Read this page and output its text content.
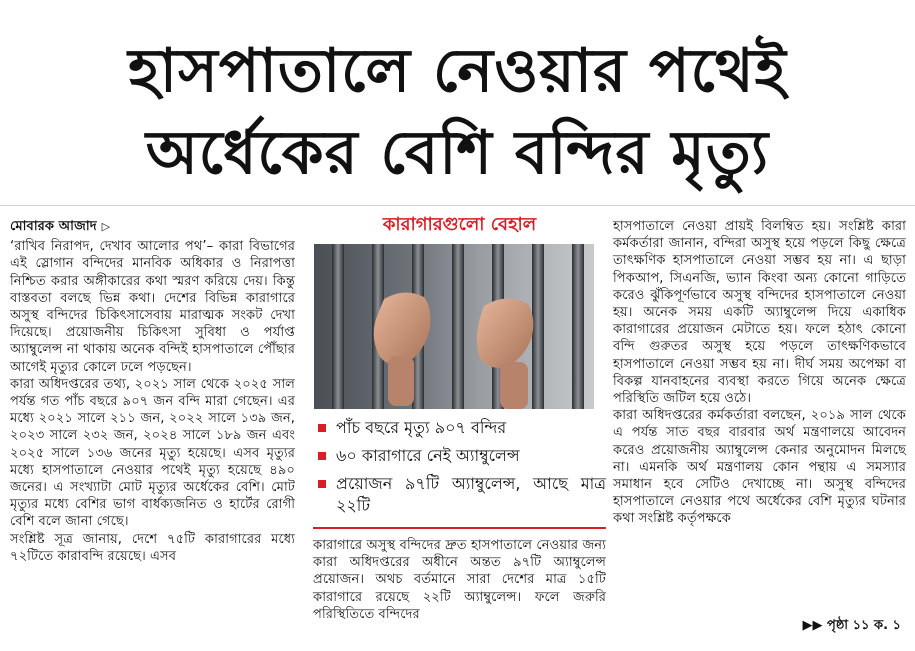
হাসপাতালে নেওয়ার পথেই
অর্ধেকের বেশি বন্দির মৃত্যু
মোবারক আজাদ ▷

‘রাখিব নিরাপদ, দেখাব আলোর পথ’– কারা বিভাগের এই স্লোগান বন্দিদের মানবিক অধিকার ও নিরাপত্তা নিশ্চিত করার অঙ্গীকারের কথা স্মরণ করিয়ে দেয়। কিন্তু বাস্তবতা বলছে ভিন্ন কথা। দেশের বিভিন্ন কারাগারে অসুস্থ বন্দিদের চিকিৎসাসেবায় মারাত্মক সংকট দেখা দিয়েছে। প্রয়োজনীয় চিকিৎসা সুবিধা ও পর্যাপ্ত অ্যাম্বুলেন্স না থাকায় অনেক বন্দিই হাসপাতালে পৌঁছার আগেই মৃত্যুর কোলে ঢলে পড়ছেন।

কারা অধিদপ্তরের তথ্য, ২০২১ সাল থেকে ২০২৫ সাল পর্যন্ত গত পাঁচ বছরে ৯০৭ জন বন্দি মারা গেছেন। এর মধ্যে ২০২১ সালে ২১১ জন, ২০২২ সালে ১৩৯ জন, ২০২৩ সালে ২৩২ জন, ২০২৪ সালে ১৮৯ জন এবং ২০২৫ সালে ১৩৬ জনের মৃত্যু হয়েছে। এসব মৃত্যুর মধ্যে হাসপাতালে নেওয়ার পথেই মৃত্যু হয়েছে ৪৯০ জনের। এ সংখ্যাটা মোট মৃত্যুর অর্ধেকের বেশি। মোট মৃত্যুর মধ্যে বেশির ভাগ বার্ধক্যজনিত ও হার্টের রোগী বেশি বলে জানা গেছে।

সংশ্লিষ্ট সূত্র জানায়, দেশে ৭৫টি কারাগারের মধ্যে ৭২টিতে কারাবন্দি রয়েছে। এসব

কারাগারগুলো বেহাল
পাঁচ বছরে মৃত্যু ৯০৭ বন্দির
৬০ কারাগারে নেই অ্যাম্বুলেন্স
প্রয়োজন ৯৭টি অ্যাম্বুলেন্স, আছে মাত্র ২২টি

কারাগারে অসুস্থ বন্দিদের দ্রুত হাসপাতালে নেওয়ার জন্য কারা অধিদপ্তরের অধীনে অন্তত ৯৭টি অ্যাম্বুলেন্স প্রয়োজন। অথচ বর্তমানে সারা দেশের মাত্র ১৫টি কারাগারে রয়েছে ২২টি অ্যাম্বুলেন্স। ফলে জরুরি পরিস্থিতিতে বন্দিদের

হাসপাতালে নেওয়া প্রায়ই বিলম্বিত হয়। সংশ্লিষ্ট কারা কর্মকর্তারা জানান, বন্দিরা অসুস্থ হয়ে পড়লে কিছু ক্ষেত্রে তাৎক্ষণিক হাসপাতালে নেওয়া সম্ভব হয় না। এ ছাড়া পিকআপ, সিএনজি, ভ্যান কিংবা অন্য কোনো গাড়িতে করেও ঝুঁকিপূর্ণভাবে অসুস্থ বন্দিদের হাসপাতালে নেওয়া হয়। অনেক সময় একটি অ্যাম্বুলেন্স দিয়ে একাধিক কারাগারের প্রয়োজন মেটাতে হয়। ফলে হঠাৎ কোনো বন্দি গুরুতর অসুস্থ হয়ে পড়লে তাৎক্ষণিকভাবে হাসপাতালে নেওয়া সম্ভব হয় না। দীর্ঘ সময় অপেক্ষা বা বিকল্প যানবাহনের ব্যবস্থা করতে গিয়ে অনেক ক্ষেত্রে পরিস্থিতি জটিল হয়ে ওঠে।

কারা অধিদপ্তরের কর্মকর্তারা বলছেন, ২০১৯ সাল থেকে এ পর্যন্ত সাত বছর বারবার অর্থ মন্ত্রণালয়ে আবেদন করেও প্রয়োজনীয় অ্যাম্বুলেন্স কেনার অনুমোদন মিলছে না। এমনকি অর্থ মন্ত্রণালয় কোন পন্থায় এ সমস্যার সমাধান হবে সেটিও দেখাচ্ছে না। অসুস্থ বন্দিদের হাসপাতালে নেওয়ার পথে অর্ধেকের বেশি মৃত্যুর ঘটনার কথা সংশ্লিষ্ট কর্তৃপক্ষকে

▶▶ পৃষ্ঠা ১১ ক. ১
